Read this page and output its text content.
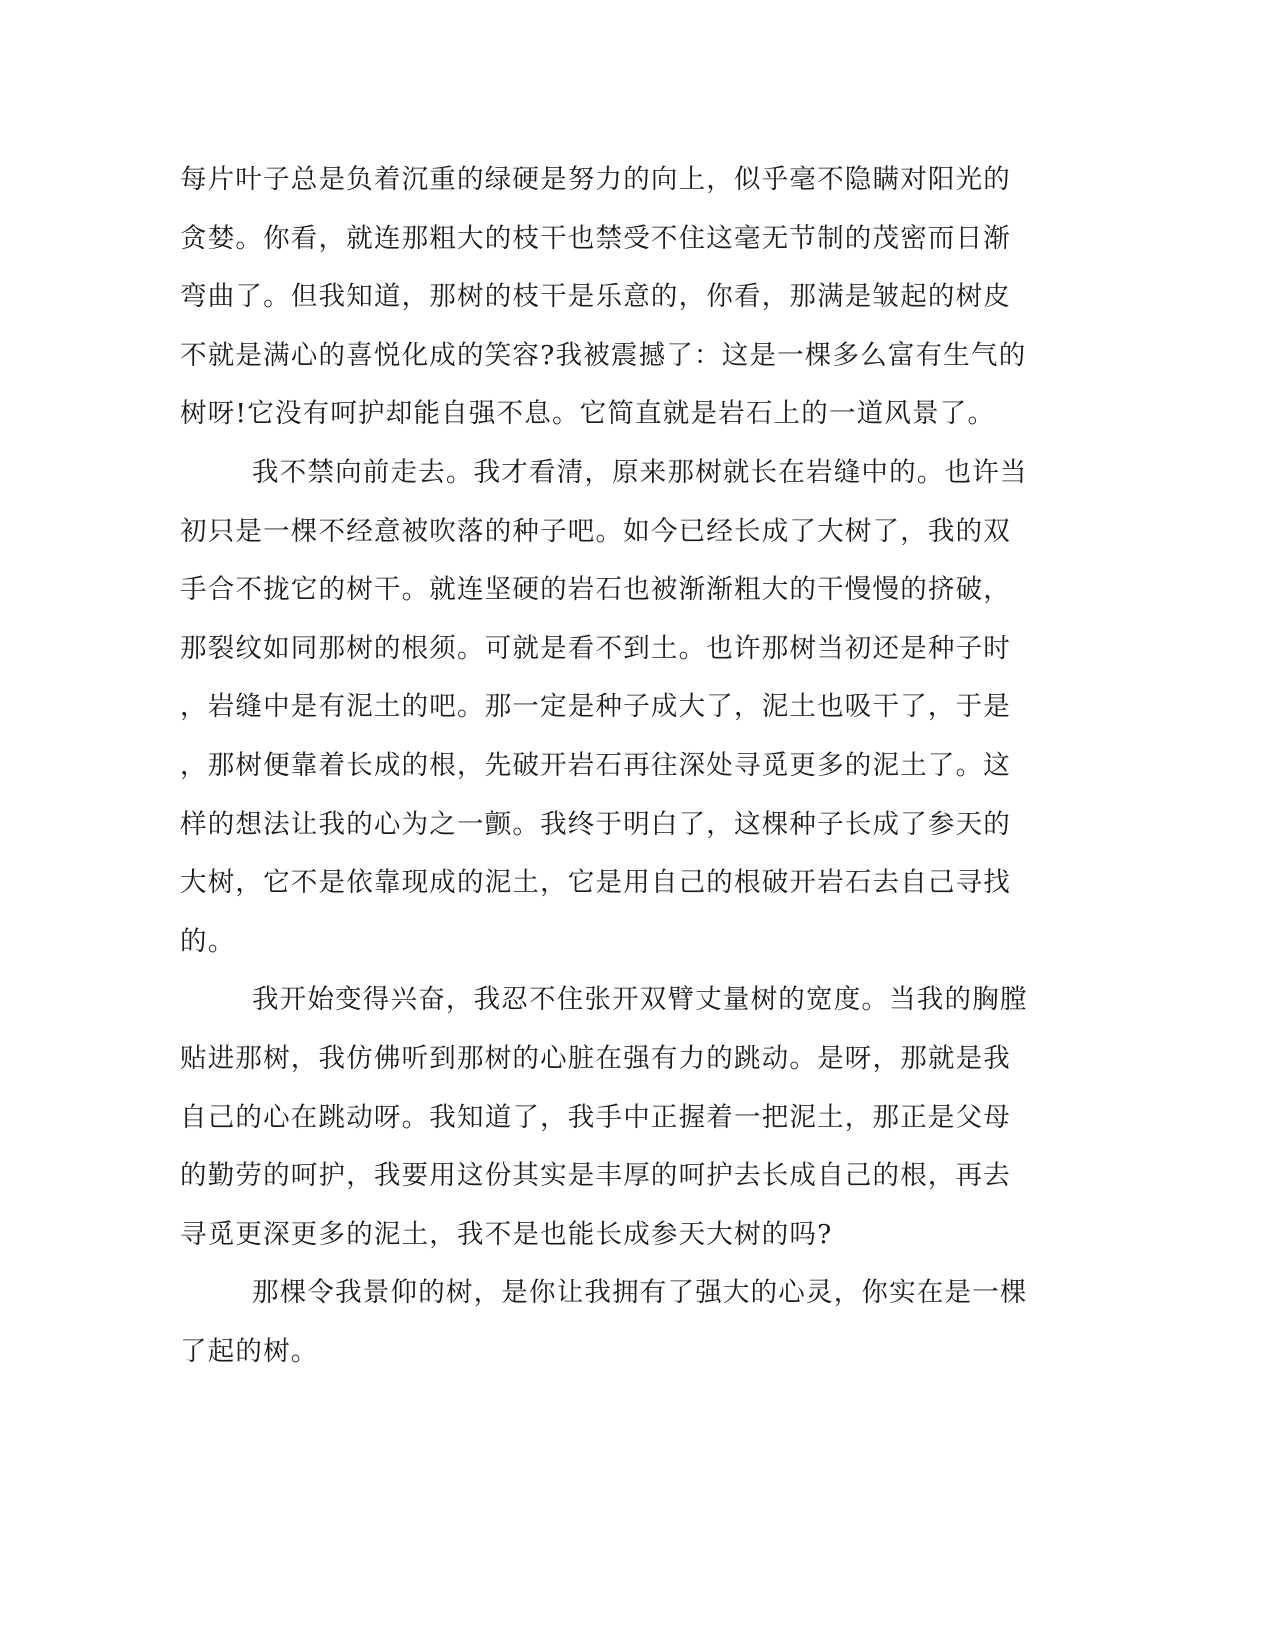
每片叶子总是负着沉重的绿硬是努力的向上，似乎毫不隐瞒对阳光的
贪婪。你看，就连那粗大的枝干也禁受不住这毫无节制的茂密而日渐
弯曲了。但我知道，那树的枝干是乐意的，你看，那满是皱起的树皮
不就是满心的喜悦化成的笑容?我被震撼了：这是一棵多么富有生气的
树呀!它没有呵护却能自强不息。它简直就是岩石上的一道风景了。
我不禁向前走去。我才看清，原来那树就长在岩缝中的。也许当
初只是一棵不经意被吹落的种子吧。如今已经长成了大树了，我的双
手合不拢它的树干。就连坚硬的岩石也被渐渐粗大的干慢慢的挤破，
那裂纹如同那树的根须。可就是看不到土。也许那树当初还是种子时
，岩缝中是有泥土的吧。那一定是种子成大了，泥土也吸干了，于是
，那树便靠着长成的根，先破开岩石再往深处寻觅更多的泥土了。这
样的想法让我的心为之一颤。我终于明白了，这棵种子长成了参天的
大树，它不是依靠现成的泥土，它是用自己的根破开岩石去自己寻找
的。
我开始变得兴奋，我忍不住张开双臂丈量树的宽度。当我的胸膛
贴进那树，我仿佛听到那树的心脏在强有力的跳动。是呀，那就是我
自己的心在跳动呀。我知道了，我手中正握着一把泥土，那正是父母
的勤劳的呵护，我要用这份其实是丰厚的呵护去长成自己的根，再去
寻觅更深更多的泥土，我不是也能长成参天大树的吗?
那棵令我景仰的树，是你让我拥有了强大的心灵，你实在是一棵
了起的树。
